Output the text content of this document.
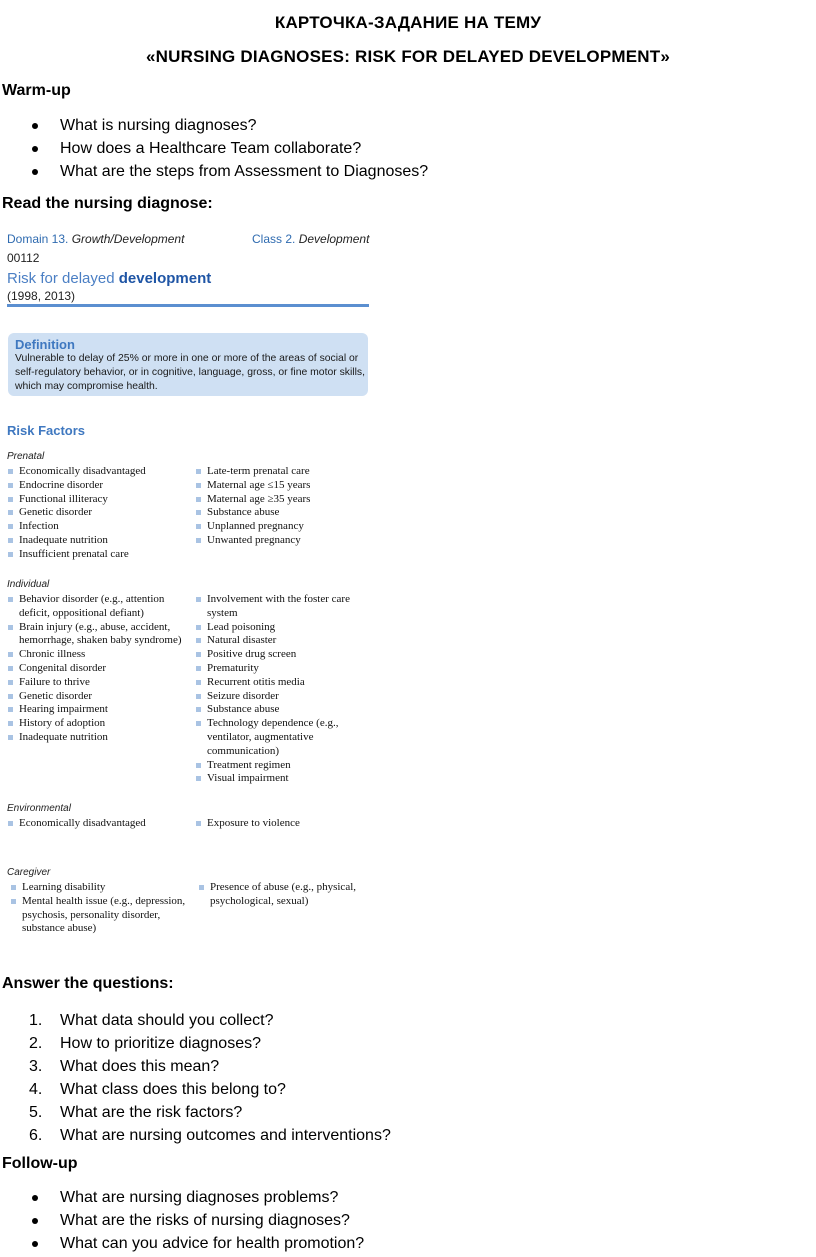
КАРТОЧКА-ЗАДАНИЕ НА ТЕМУ
«NURSING DIAGNOSES: RISK FOR DELAYED DEVELOPMENT»
Warm-up
What is nursing diagnoses?
How does a Healthcare Team collaborate?
What are the steps from Assessment to Diagnoses?
Read the nursing diagnose:
Domain 13. Growth/Development	Class 2. Development
00112
Risk for delayed development
(1998, 2013)
Definition
Vulnerable to delay of 25% or more in one or more of the areas of social or self-regulatory behavior, or in cognitive, language, gross, or fine motor skills, which may compromise health.
Risk Factors
Prenatal
Economically disadvantaged
Endocrine disorder
Functional illiteracy
Genetic disorder
Infection
Inadequate nutrition
Insufficient prenatal care
Late-term prenatal care
Maternal age ≤15 years
Maternal age ≥35 years
Substance abuse
Unplanned pregnancy
Unwanted pregnancy
Individual
Behavior disorder (e.g., attention deficit, oppositional defiant)
Brain injury (e.g., abuse, accident, hemorrhage, shaken baby syndrome)
Chronic illness
Congenital disorder
Failure to thrive
Genetic disorder
Hearing impairment
History of adoption
Inadequate nutrition
Involvement with the foster care system
Lead poisoning
Natural disaster
Positive drug screen
Prematurity
Recurrent otitis media
Seizure disorder
Substance abuse
Technology dependence (e.g., ventilator, augmentative communication)
Treatment regimen
Visual impairment
Environmental
Economically disadvantaged	Exposure to violence
Caregiver
Learning disability
Mental health issue (e.g., depression, psychosis, personality disorder, substance abuse)
Presence of abuse (e.g., physical, psychological, sexual)
Answer the questions:
1. What data should you collect?
2. How to prioritize diagnoses?
3. What does this mean?
4. What class does this belong to?
5. What are the risk factors?
6. What are nursing outcomes and interventions?
Follow-up
What are nursing diagnoses problems?
What are the risks of nursing diagnoses?
What can you advice for health promotion?
